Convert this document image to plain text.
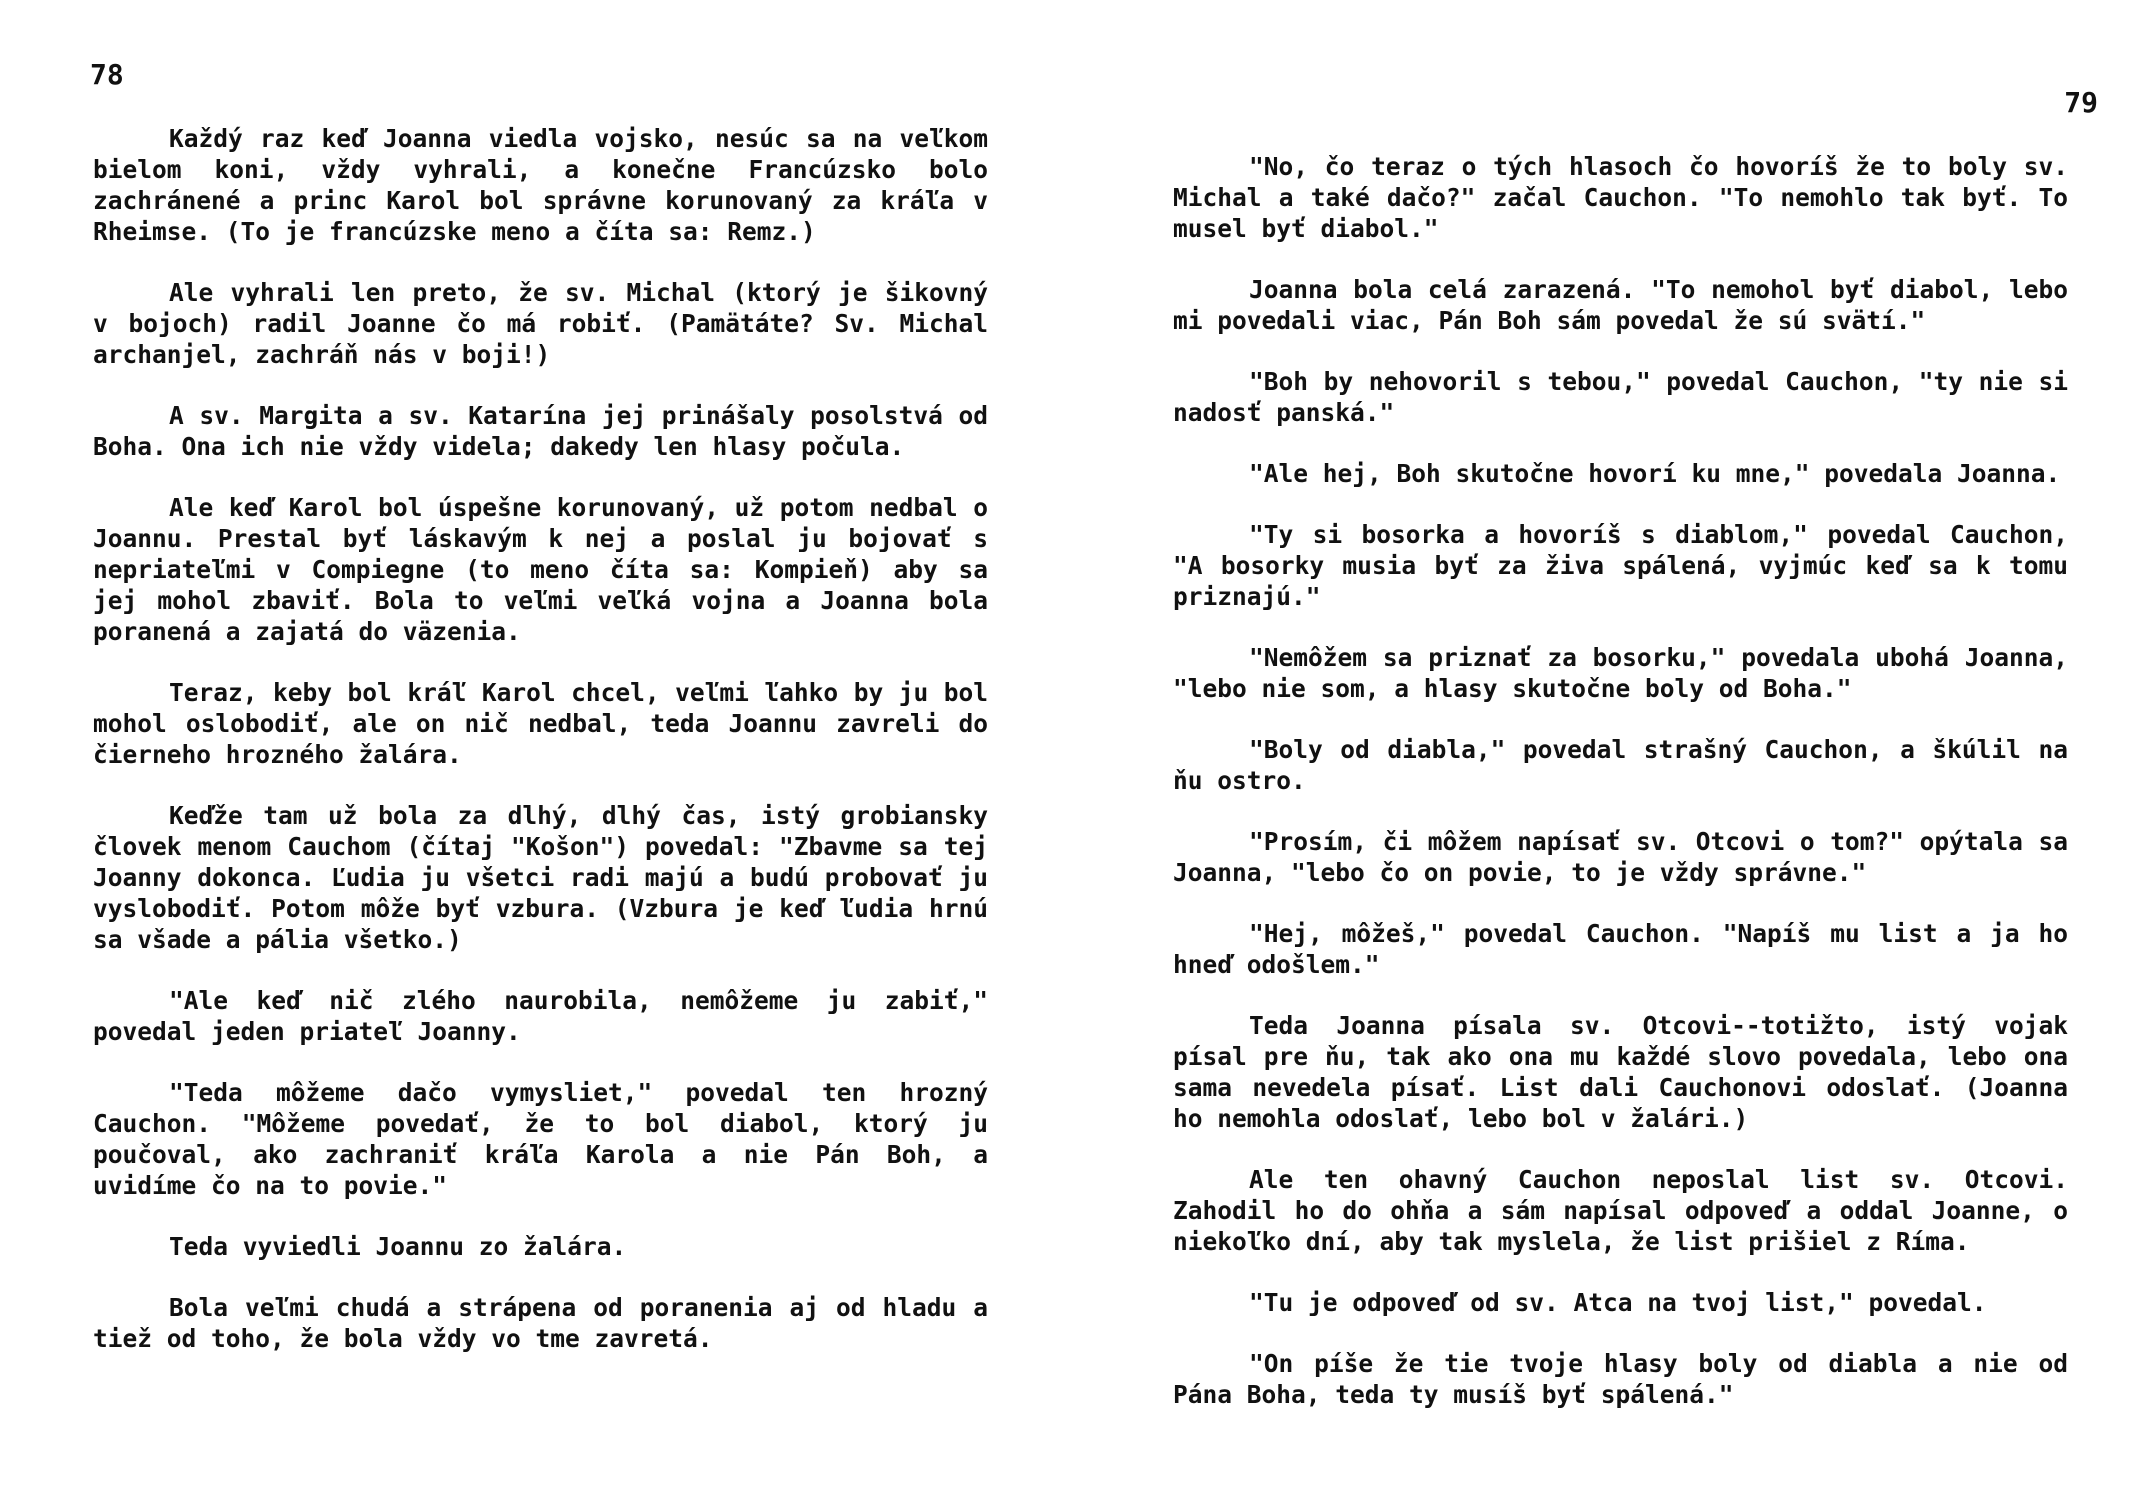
78

Každý raz keď Joanna viedla vojsko, nesúc sa na veľkom bielom koni, vždy vyhrali, a konečne Francúzsko bolo zachránené a princ Karol bol správne korunovaný za kráľa v Rheimse. (To je francúzske meno a číta sa: Remz.)

Ale vyhrali len preto, že sv. Michal (ktorý je šikovný v bojoch) radil Joanne čo má robiť. (Pamätáte? Sv. Michal archanjel, zachráň nás v boji!)

A sv. Margita a sv. Katarína jej prinášaly posolstvá od Boha. Ona ich nie vždy videla; dakedy len hlasy počula.

Ale keď Karol bol úspešne korunovaný, už potom nedbal o Joannu. Prestal byť láskavým k nej a poslal ju bojovať s nepriateľmi v Compiegne (to meno číta sa: Kompieň) aby sa jej mohol zbaviť. Bola to veľmi veľká vojna a Joanna bola poranená a zajatá do väzenia.

Teraz, keby bol kráľ Karol chcel, veľmi ľahko by ju bol mohol oslobodiť, ale on nič nedbal, teda Joannu zavreli do čierneho hrozného žalára.

Keďže tam už bola za dlhý, dlhý čas, istý grobiansky človek menom Cauchom (čítaj "Košon") povedal: "Zbavme sa tej Joanny dokonca. Ľudia ju všetci radi majú a budú probovať ju vyslobodiť. Potom môže byť vzbura. (Vzbura je keď ľudia hrnú sa všade a pália všetko.)

"Ale keď nič zlého naurobila, nemôžeme ju zabiť," povedal jeden priateľ Joanny.

"Teda môžeme dačo vymysliet," povedal ten hrozný Cauchon. "Môžeme povedať, že to bol diabol, ktorý ju poučoval, ako zachraniť kráľa Karola a nie Pán Boh, a uvidíme čo na to povie."

Teda vyviedli Joannu zo žalára.

Bola veľmi chudá a strápena od poranenia aj od hladu a tiež od toho, že bola vždy vo tme zavretá.

79

"No, čo teraz o tých hlasoch čo hovoríš že to boly sv. Michal a také dačo?" začal Cauchon. "To nemohlo tak byť. To musel byť diabol."

Joanna bola celá zarazená. "To nemohol byť diabol, lebo mi povedali viac, Pán Boh sám povedal že sú svätí."

"Boh by nehovoril s tebou," povedal Cauchon, "ty nie si nadosť panská."

"Ale hej, Boh skutočne hovorí ku mne," povedala Joanna.

"Ty si bosorka a hovoríš s diablom," povedal Cauchon, "A bosorky musia byť za živa spálená, vyjmúc keď sa k tomu priznajú."

"Nemôžem sa priznať za bosorku," povedala ubohá Joanna, "lebo nie som, a hlasy skutočne boly od Boha."

"Boly od diabla," povedal strašný Cauchon, a škúlil na ňu ostro.

"Prosím, či môžem napísať sv. Otcovi o tom?" opýtala sa Joanna, "lebo čo on povie, to je vždy správne."

"Hej, môžeš," povedal Cauchon. "Napíš mu list a ja ho hneď odošlem."

Teda Joanna písala sv. Otcovi--totižto, istý vojak písal pre ňu, tak ako ona mu každé slovo povedala, lebo ona sama nevedela písať. List dali Cauchonovi odoslať. (Joanna ho nemohla odoslať, lebo bol v žalári.)

Ale ten ohavný Cauchon neposlal list sv. Otcovi. Zahodil ho do ohňa a sám napísal odpoveď a oddal Joanne, o niekoľko dní, aby tak myslela, že list prišiel z Ríma.

"Tu je odpoveď od sv. Atca na tvoj list," povedal.

"On píše že tie tvoje hlasy boly od diabla a nie od Pána Boha, teda ty musíš byť spálená."
